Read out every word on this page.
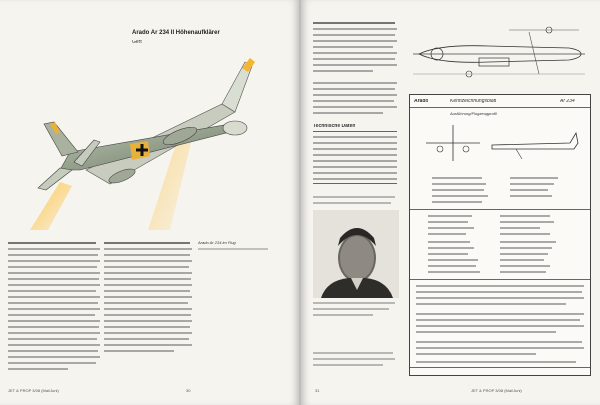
Arado Ar 234 II Höhenaufklärer
Gert
Arado Ar 234 im Flug
JET & PROP 3/08 (Mai/Juni)	30
Technische Daten
Arado	Kennzeichnungsblatt	Ar 234
Ausführung/Flugzeugprofil
31	JET & PROP 3/08 (Mai/Juni)
